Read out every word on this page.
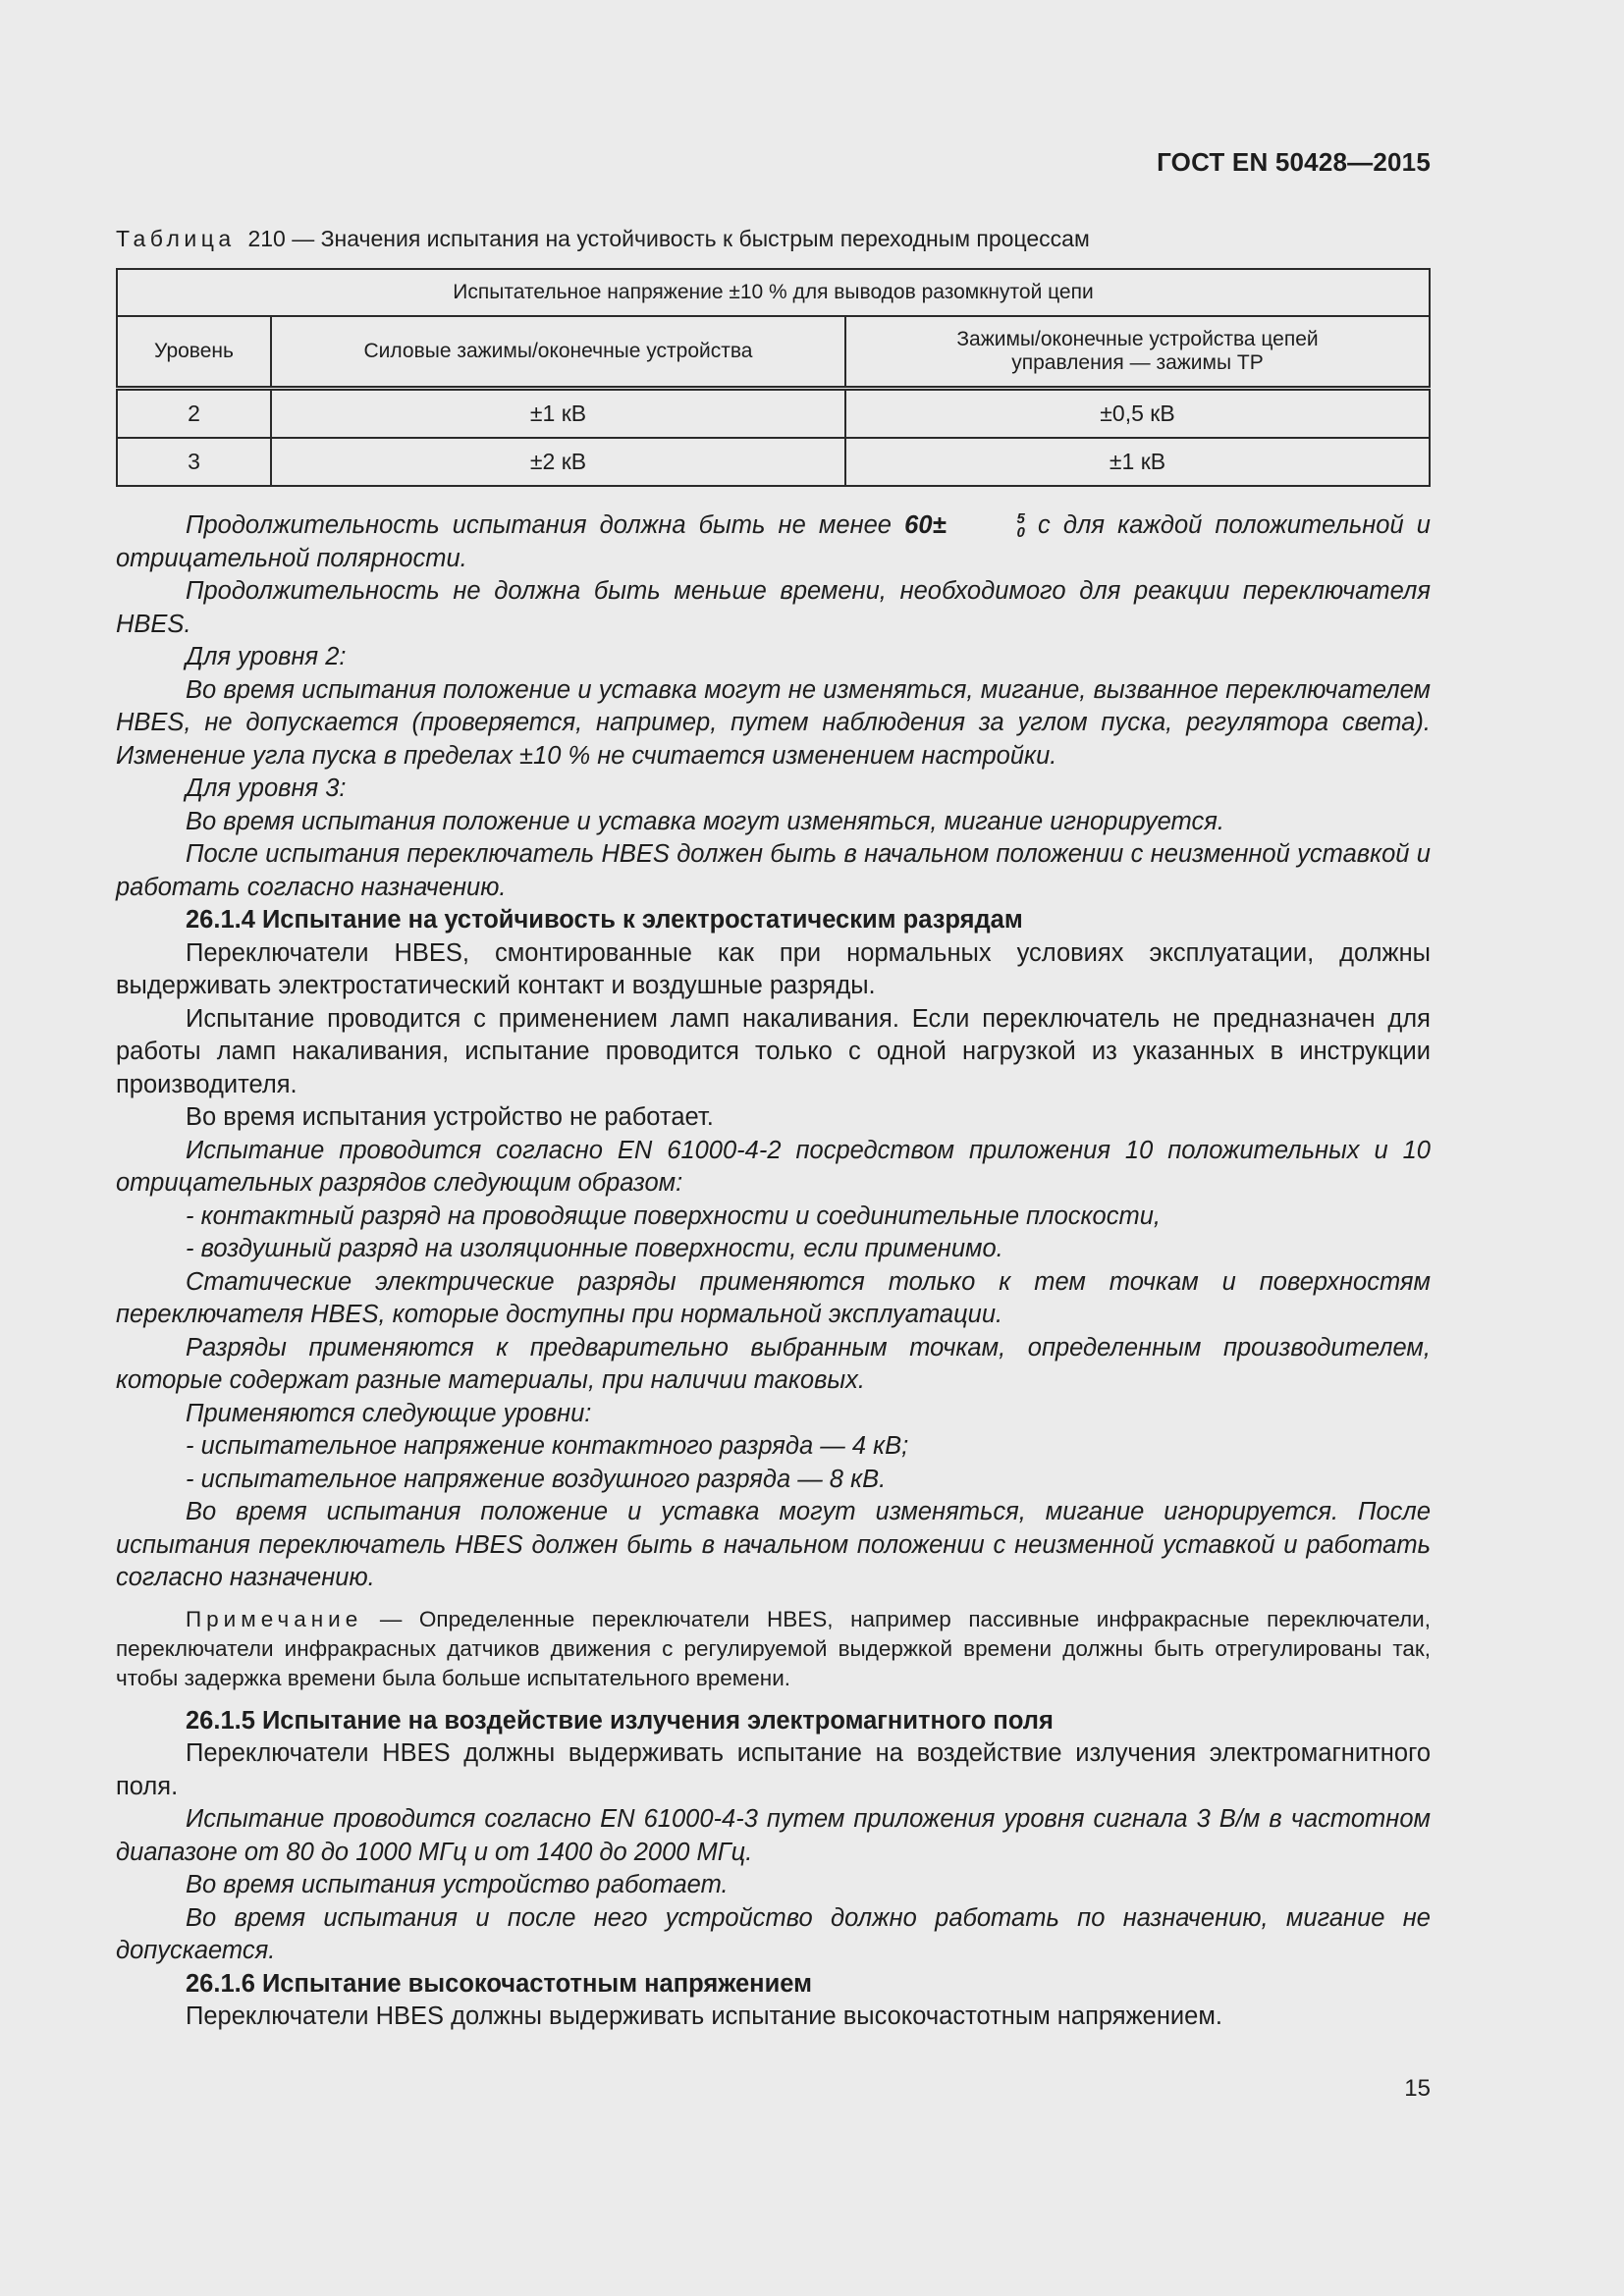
ГОСТ EN 50428—2015
Таблица 210 — Значения испытания на устойчивость к быстрым переходным процессам
Испытательное напряжение ±10 % для выводов разомкнутой цепи		
Уровень	Силовые зажимы/оконечные устройства	Зажимы/оконечные устройства цепей управления — зажимы ТР

2	±1 кВ	±0,5 кВ
3	±2 кВ	±1 кВ

Продолжительность испытания должна быть не менее 60±	5
0 с для каждой положительной и отрицательной полярности.

Продолжительность не должна быть меньше времени, необходимого для реакции переключателя HBES.

Для уровня 2:

Во время испытания положение и уставка могут не изменяться, мигание, вызванное переключателем HBES, не допускается (проверяется, например, путем наблюдения за углом пуска, регулятора света). Изменение угла пуска в пределах ±10 % не считается изменением настройки.

Для уровня 3:

Во время испытания положение и уставка могут изменяться, мигание игнорируется.

После испытания переключатель HBES должен быть в начальном положении с неизменной уставкой и работать согласно назначению.

26.1.4 Испытание на устойчивость к электростатическим разрядам

Переключатели HBES, смонтированные как при нормальных условиях эксплуатации, должны выдерживать электростатический контакт и воздушные разряды.

Испытание проводится с применением ламп накаливания. Если переключатель не предназначен для работы ламп накаливания, испытание проводится только с одной нагрузкой из указанных в инструкции производителя.

Во время испытания устройство не работает.

Испытание проводится согласно EN 61000-4-2 посредством приложения 10 положительных и 10 отрицательных разрядов следующим образом:

- контактный разряд на проводящие поверхности и соединительные плоскости,

- воздушный разряд на изоляционные поверхности, если применимо.

Статические электрические разряды применяются только к тем точкам и поверхностям переключателя HBES, которые доступны при нормальной эксплуатации.

Разряды применяются к предварительно выбранным точкам, определенным производителем, которые содержат разные материалы, при наличии таковых.

Применяются следующие уровни:

- испытательное напряжение контактного разряда — 4 кВ;

- испытательное напряжение воздушного разряда — 8 кВ.

Во время испытания положение и уставка могут изменяться, мигание игнорируется. После испытания переключатель HBES должен быть в начальном положении с неизменной уставкой и работать согласно назначению.

Примечание — Определенные переключатели HBES, например пассивные инфракрасные переключатели, переключатели инфракрасных датчиков движения с регулируемой выдержкой времени должны быть отрегулированы так, чтобы задержка времени была больше испытательного времени.

26.1.5 Испытание на воздействие излучения электромагнитного поля

Переключатели HBES должны выдерживать испытание на воздействие излучения электромагнитного поля.

Испытание проводится согласно EN 61000-4-3 путем приложения уровня сигнала 3 В/м в частотном диапазоне от 80 до 1000 МГц и от 1400 до 2000 МГц.

Во время испытания устройство работает.

Во время испытания и после него устройство должно работать по назначению, мигание не допускается.

26.1.6 Испытание высокочастотным напряжением

Переключатели HBES должны выдерживать испытание высокочастотным напряжением.

15
